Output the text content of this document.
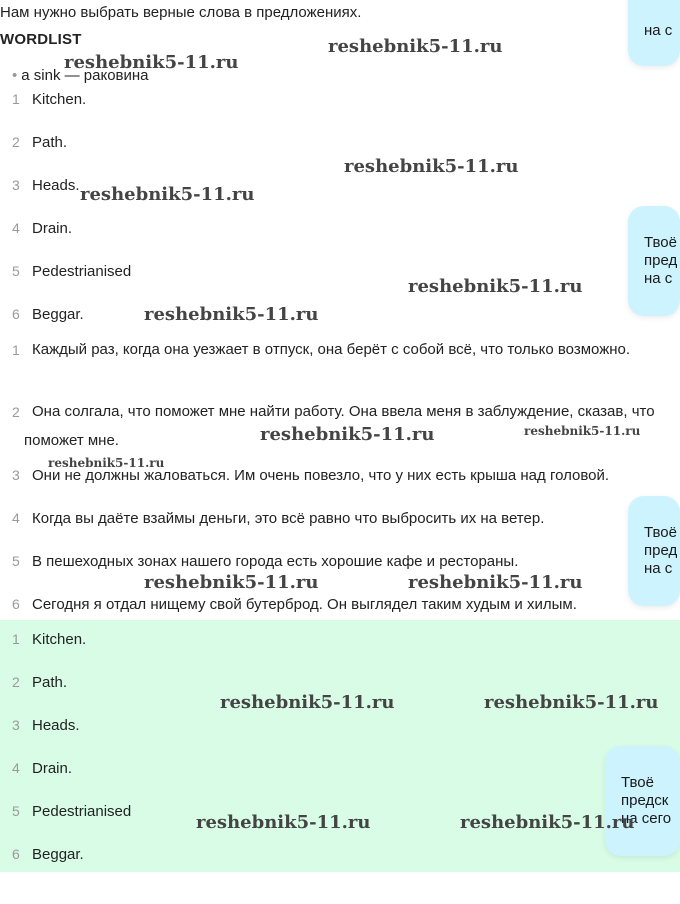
Нам нужно выбрать верные слова в предложениях.
WORDLIST
• a sink — раковина
1 Kitchen.
2 Path.
3 Heads.
4 Drain.
5 Pedestrianised
6 Beggar.
1 Каждый раз, когда она уезжает в отпуск, она берёт с собой всё, что только возможно.
2 Она солгала, что поможет мне найти работу. Она ввела меня в заблуждение, сказав, что поможет мне.
3 Они не должны жаловаться. Им очень повезло, что у них есть крыша над головой.
4 Когда вы даёте взаймы деньги, это всё равно что выбросить их на ветер.
5 В пешеходных зонах нашего города есть хорошие кафе и рестораны.
6 Сегодня я отдал нищему свой бутерброд. Он выглядел таким худым и хилым.
1 Kitchen.
2 Path.
3 Heads.
4 Drain.
5 Pedestrianised
6 Beggar.
на с
Твоё
пред
на с
Твоё
пред
на с
Твоё
предск
на сего
reshebnik5-11.ru
reshebnik5-11.ru
reshebnik5-11.ru
reshebnik5-11.ru
reshebnik5-11.ru
reshebnik5-11.ru
reshebnik5-11.ru	reshebnik5-11.ru
reshebnik5-11.ru
reshebnik5-11.ru	reshebnik5-11.ru
reshebnik5-11.ru	reshebnik5-11.ru
reshebnik5-11.ru	reshebnik5-11.ru
